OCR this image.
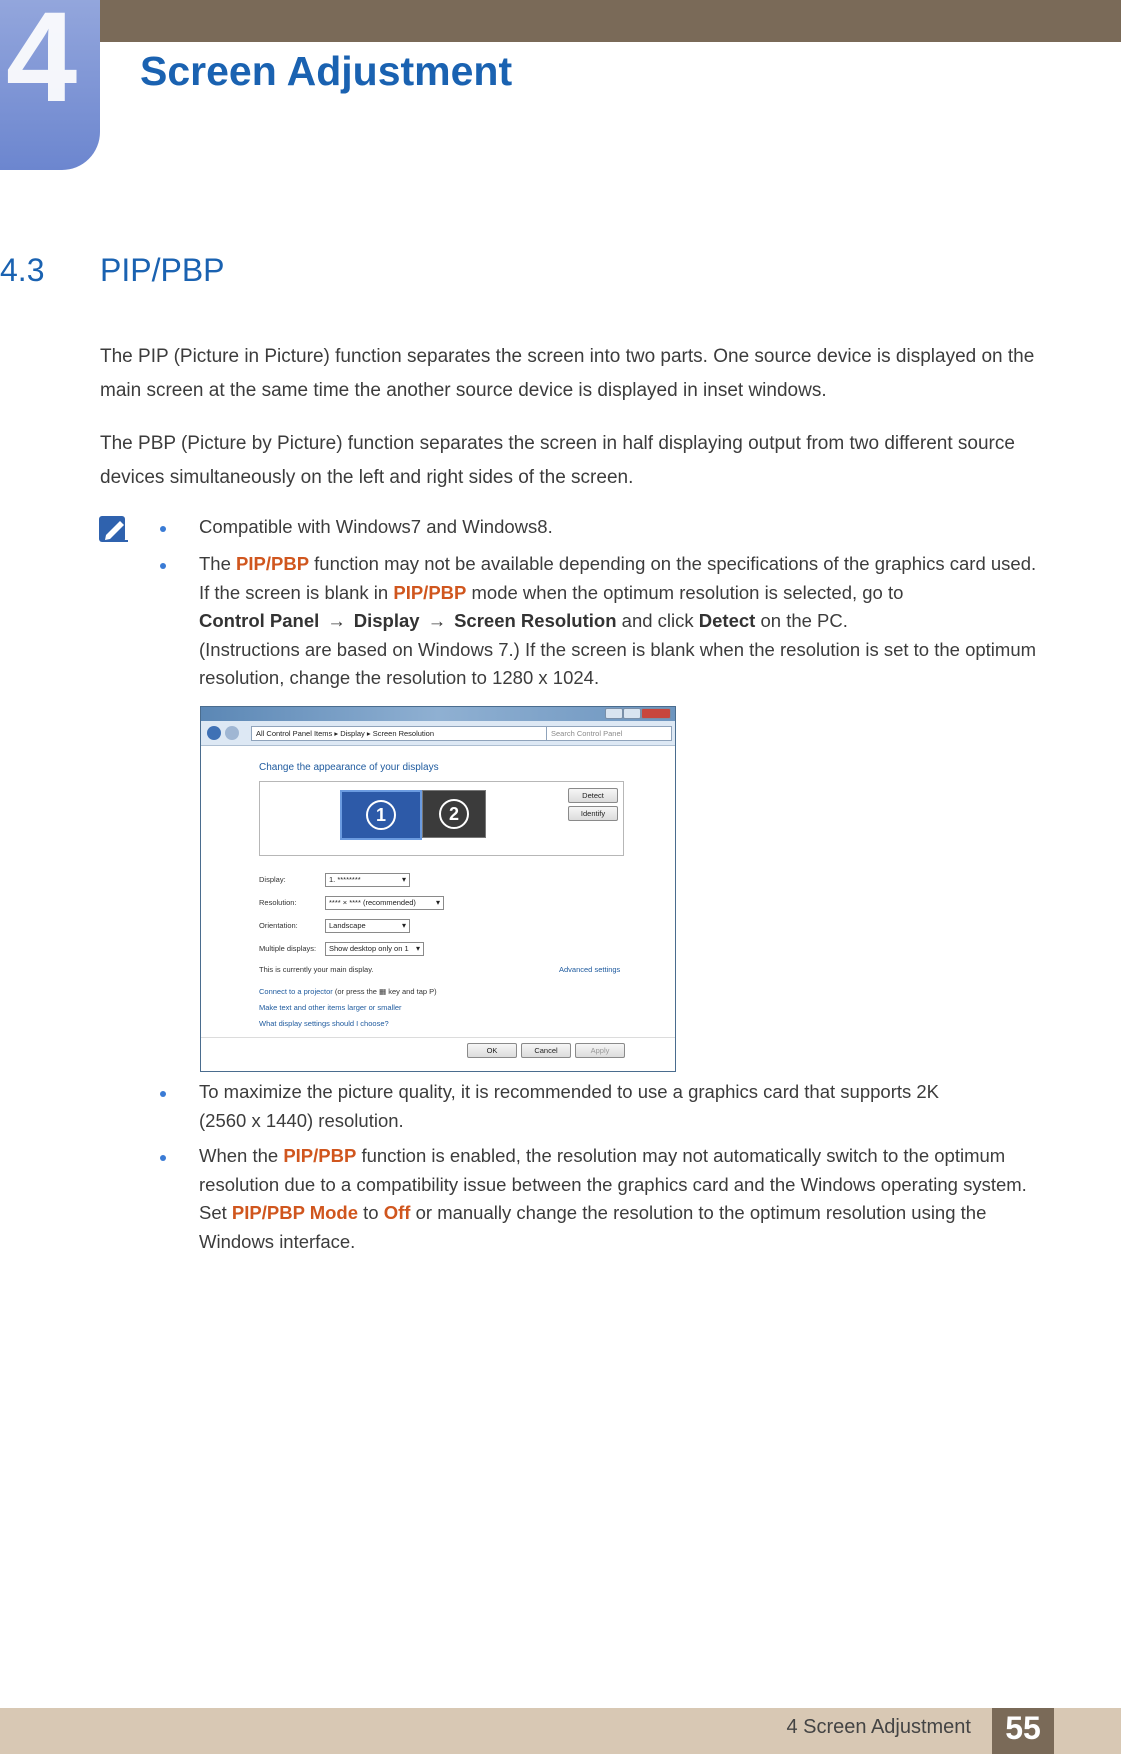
4 Screen Adjustment
4.3 PIP/PBP
The PIP (Picture in Picture) function separates the screen into two parts. One source device is displayed on the main screen at the same time the another source device is displayed in inset windows.
The PBP (Picture by Picture) function separates the screen in half displaying output from two different source devices simultaneously on the left and right sides of the screen.
Compatible with Windows7 and Windows8.
The PIP/PBP function may not be available depending on the specifications of the graphics card used. If the screen is blank in PIP/PBP mode when the optimum resolution is selected, go to
Control Panel → Display → Screen Resolution and click Detect on the PC.
(Instructions are based on Windows 7.) If the screen is blank when the resolution is set to the optimum resolution, change the resolution to 1280 x 1024.
All Control Panel Items ▸ Display ▸ Screen Resolution	Search Control Panel
Change the appearance of your displays
1	2
Detect
Identify
Display:	1. ******** ▾
Resolution:	**** × **** (recommended) ▾
Orientation:	Landscape ▾
Multiple displays:	Show desktop only on 1 ▾
This is currently your main display.	Advanced settings
Connect to a projector (or press the ▦ key and tap P)
Make text and other items larger or smaller
What display settings should I choose?
OK	Cancel	Apply
To maximize the picture quality, it is recommended to use a graphics card that supports 2K (2560 x 1440) resolution.
When the PIP/PBP function is enabled, the resolution may not automatically switch to the optimum resolution due to a compatibility issue between the graphics card and the Windows operating system. Set PIP/PBP Mode to Off or manually change the resolution to the optimum resolution using the Windows interface.
4 Screen Adjustment	55
